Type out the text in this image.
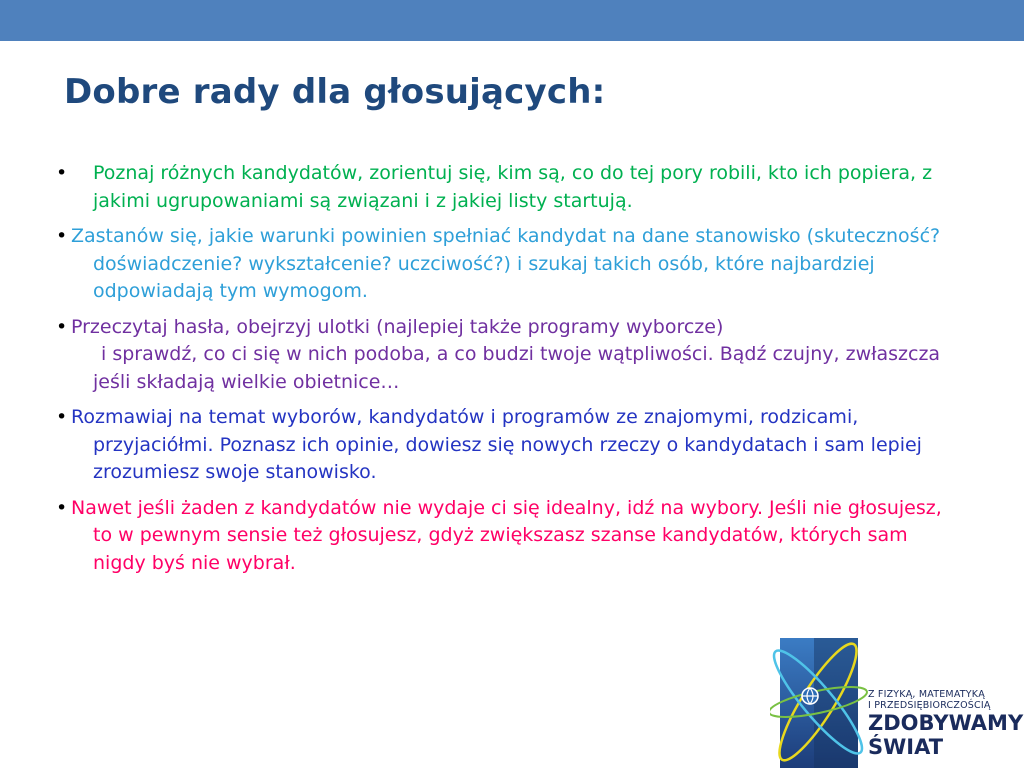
Dobre rady dla głosujących:

• Poznaj różnych kandydatów, zorientuj się, kim są, co do tej pory robili, kto ich popiera, z jakimi ugrupowaniami są związani i z jakiej listy startują.

• Zastanów się, jakie warunki powinien spełniać kandydat na dane stanowisko (skuteczność? doświadczenie? wykształcenie? uczciwość?) i szukaj takich osób, które najbardziej odpowiadają tym wymogom.

• Przeczytaj hasła, obejrzyj ulotki (najlepiej także programy wyborcze)
i sprawdź, co ci się w nich podoba, a co budzi twoje wątpliwości. Bądź czujny, zwłaszcza jeśli składają wielkie obietnice…

• Rozmawiaj na temat wyborów, kandydatów i programów ze znajomymi, rodzicami, przyjaciółmi. Poznasz ich opinie, dowiesz się nowych rzeczy o kandydatach i sam lepiej zrozumiesz swoje stanowisko.

• Nawet jeśli żaden z kandydatów nie wydaje ci się idealny, idź na wybory. Jeśli nie głosujesz, to w pewnym sensie też głosujesz, gdyż zwiększasz szanse kandydatów, których sam nigdy byś nie wybrał.

Z FIZYKĄ, MATEMATYKĄ
I PRZEDSIĘBIORCZOŚCIĄ
ZDOBYWAMY
ŚWIAT
